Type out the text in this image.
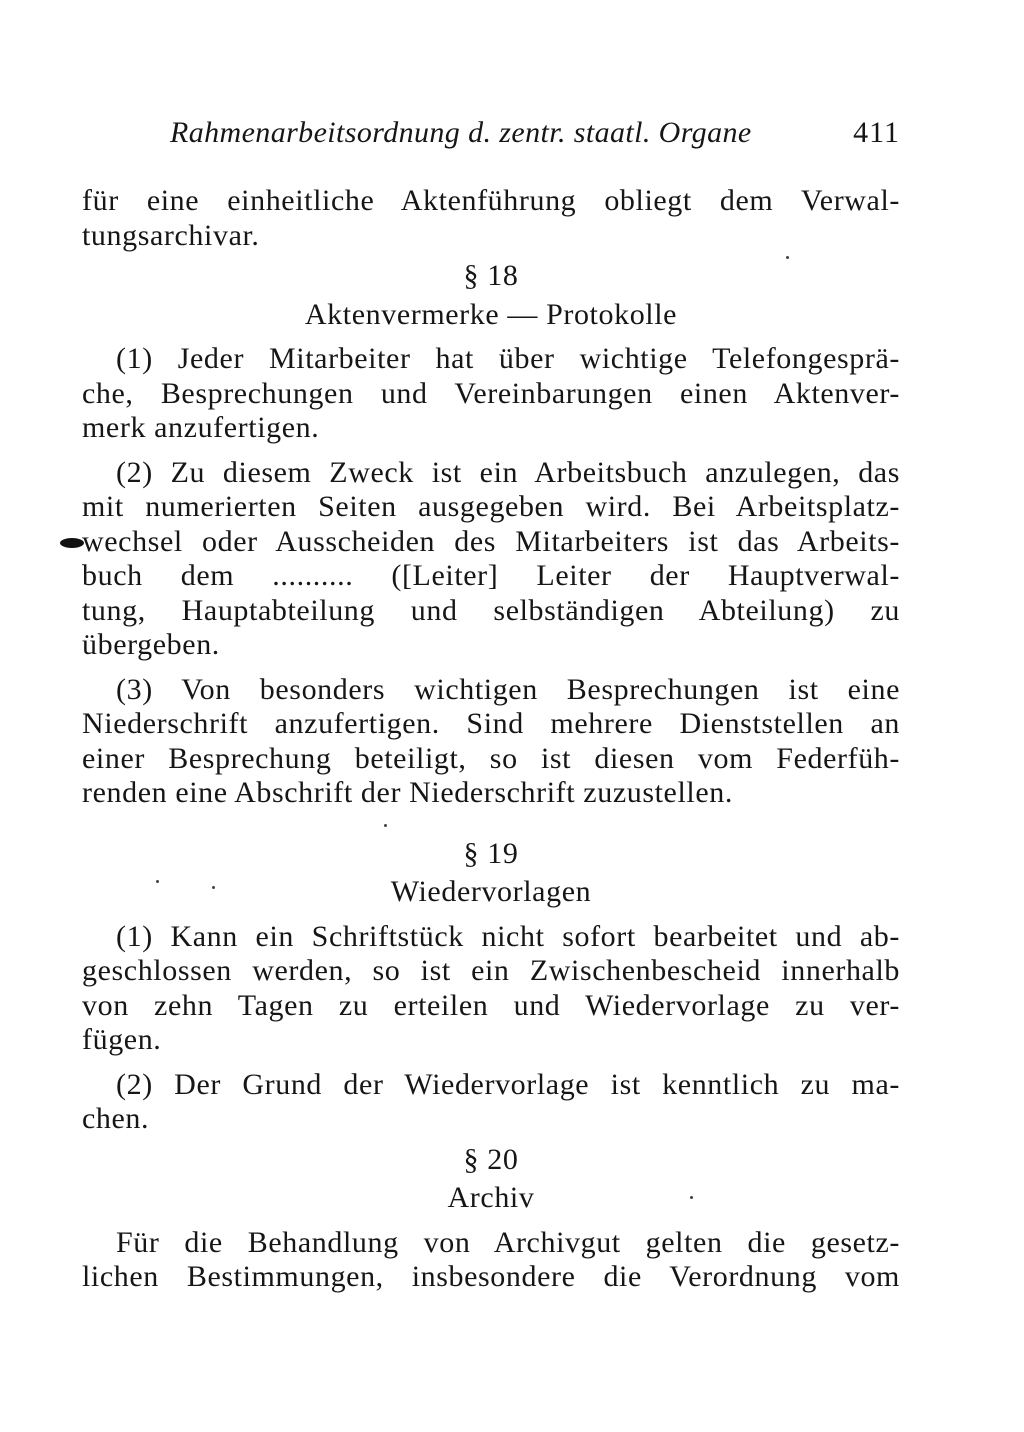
Rahmenarbeitsordnung d. zentr. staatl. Organe	411
für eine einheitliche Aktenführung obliegt dem Verwal-
tungsarchivar.
§ 18
Aktenvermerke — Protokolle
(1) Jeder Mitarbeiter hat über wichtige Telefongesprä-
che, Besprechungen und Vereinbarungen einen Aktenver-
merk anzufertigen.
(2) Zu diesem Zweck ist ein Arbeitsbuch anzulegen, das
mit numerierten Seiten ausgegeben wird. Bei Arbeitsplatz-
wechsel oder Ausscheiden des Mitarbeiters ist das Arbeits-
buch dem .......... ([Leiter] Leiter der Hauptverwal-
tung, Hauptabteilung und selbständigen Abteilung) zu
übergeben.
(3) Von besonders wichtigen Besprechungen ist eine
Niederschrift anzufertigen. Sind mehrere Dienststellen an
einer Besprechung beteiligt, so ist diesen vom Federfüh-
renden eine Abschrift der Niederschrift zuzustellen.
§ 19
Wiedervorlagen
(1) Kann ein Schriftstück nicht sofort bearbeitet und ab-
geschlossen werden, so ist ein Zwischenbescheid innerhalb
von zehn Tagen zu erteilen und Wiedervorlage zu ver-
fügen.
(2) Der Grund der Wiedervorlage ist kenntlich zu ma-
chen.
§ 20
Archiv
Für die Behandlung von Archivgut gelten die gesetz-
lichen Bestimmungen, insbesondere die Verordnung vom
